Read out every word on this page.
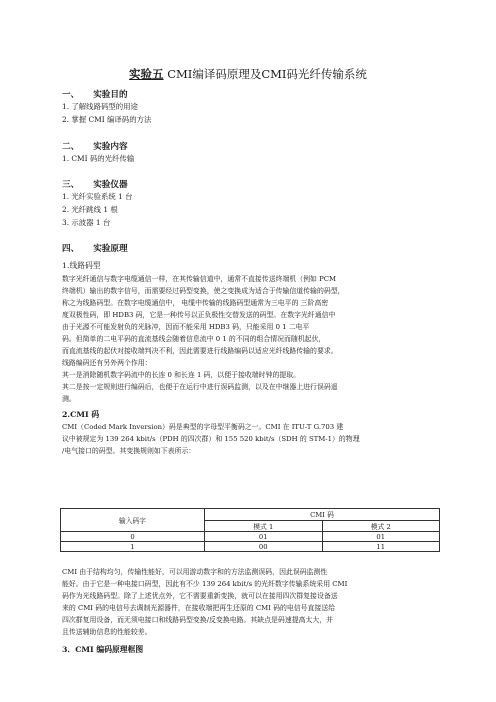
实验五 CMI编译码原理及CMI码光纤传输系统
一、 实验目的
1. 了解线路码型的用途
2. 掌握 CMI 编译码的方法
二、 实验内容
1. CMI 码的光纤传输
三、 实验仪器
1. 光纤实验系统 1 台
2. 光纤跳线 1 根
3. 示波器 1 台
四、 实验原理
1.线路码型
数字光纤通信与数字电缆通信一样，在其传输信道中，通常不直接传送终端机（例如 PCM
终端机）输出的数字信号，而需要经过码型变换，使之变换成为适合于传输信道传输的码型，
称之为线路码型。在数字电缆通信中， 电缆中传输的线路码型通常为三电平的 三阶高密
度双极性码，即 HDB3 码，它是一种传号以正负极性交替发送的码型。在数字光纤通信中
由于光源不可能发射负的光脉冲，因而不能采用 HDB3 码，只能采用 0 1 二电平
码。但简单的二电平码的直流基线会随着信息流中 0 1 的不同的组合情况而随机起伏，
而直流基线的起伏对接收端判决不利，因此需要进行线路编码以适应光纤线路传输的要求。
线路编码还有另外两个作用：
其一是消除随机数字码流中的长连 0 和长连 1 码，以便于接收端时钟的提取。
其二是按一定规则进行编码后，也便于在运行中进行误码监测，以及在中继器上进行误码遥
测。
2.CMI 码
CMI（Coded Mark Inversion）码是典型的字母型平衡码之一。CMI 在 ITU-T G.703 建
议中被规定为 139 264 kbit/s（PDH 的四次群）和 155 520 kbit/s（SDH 的 STM-1）的物理
/电气接口的码型。其变换规则如下表所示：
输入码字	CMI 码	
	模式 1	模式 2
0	01	01
1	00	11
CMI 由于结构均匀，传输性能好，可以用游动数字和的方法监测误码，因此误码监测性
能好。由于它是一种电接口码型，因此有不少 139 264 kbit/s 的光纤数字传输系统采用 CMI
码作为光线路码型。除了上述优点外，它不需要重新变换，就可以在接用四次群复接设备送
来的 CMI 码的电信号去调制光源器件，在接收端把再生还原的 CMI 码的电信号直接送给
四次群复用设备，而无须电接口和线路码型变换/反变换电路。其缺点是码速提高太大，并
且传送辅助信息的性能较差。
3．CMI 编码原理框图
